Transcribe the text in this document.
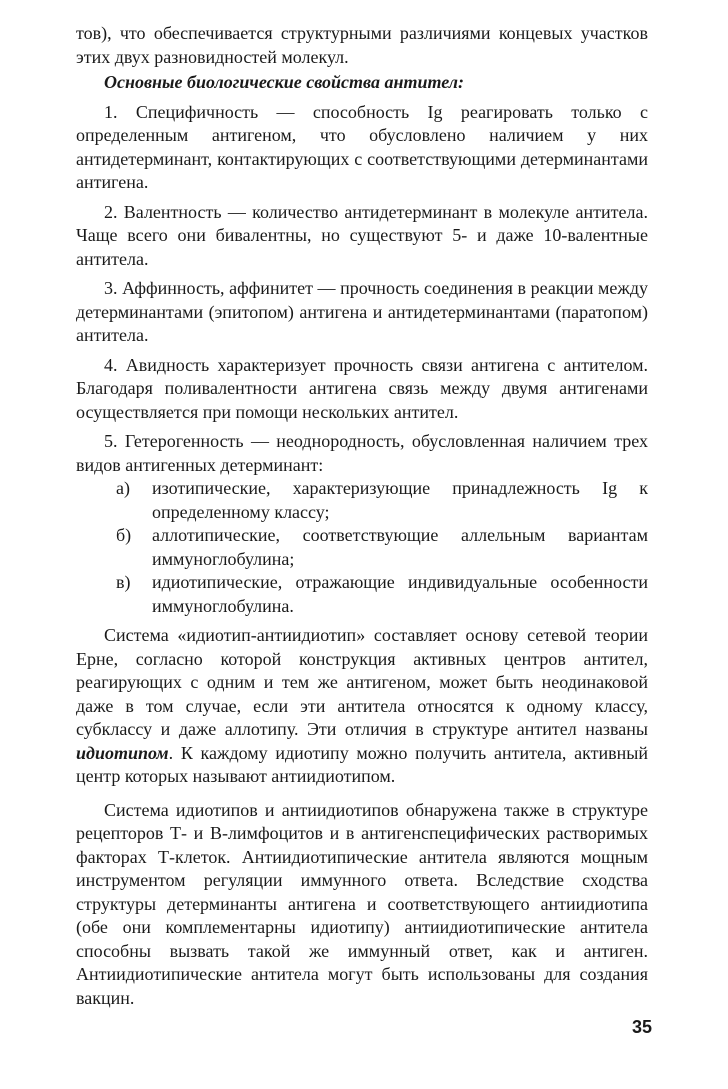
тов), что обеспечивается структурными различиями концевых участков этих двух разновидностей молекул.

Основные биологические свойства антител:

1. Специфичность — способность Ig реагировать только с определенным антигеном, что обусловлено наличием у них антидетерминант, контактирующих с соответствующими детерминантами антигена.

2. Валентность — количество антидетерминант в молекуле антитела. Чаще всего они бивалентны, но существуют 5- и даже 10-валентные антитела.

3. Аффинность, аффинитет — прочность соединения в реакции между детерминантами (эпитопом) антигена и антидетерминантами (паратопом) антитела.

4. Авидность характеризует прочность связи антигена с антителом. Благодаря поливалентности антигена связь между двумя антигенами осуществляется при помощи нескольких антител.

5. Гетерогенность — неоднородность, обусловленная наличием трех видов антигенных детерминант:

а) изотипические, характеризующие принадлежность Ig к определенному классу;
б) аллотипические, соответствующие аллельным вариантам иммуноглобулина;
в) идиотипические, отражающие индивидуальные особенности иммуноглобулина.

Система «идиотип-антиидиотип» составляет основу сетевой теории Ерне, согласно которой конструкция активных центров антител, реагирующих с одним и тем же антигеном, может быть неодинаковой даже в том случае, если эти антитела относятся к одному классу, субклассу и даже аллотипу. Эти отличия в структуре антител названы идиотипом. К каждому идиотипу можно получить антитела, активный центр которых называют антиидиотипом.

Система идиотипов и антиидиотипов обнаружена также в структуре рецепторов Т- и В-лимфоцитов и в антигенспецифических растворимых факторах Т-клеток. Антиидиотипические антитела являются мощным инструментом регуляции иммунного ответа. Вследствие сходства структуры детерминанты антигена и соответствующего антиидиотипа (обе они комплементарны идиотипу) антиидиотипические антитела способны вызвать такой же иммунный ответ, как и антиген. Антиидиотипические антитела могут быть использованы для создания вакцин.

35
